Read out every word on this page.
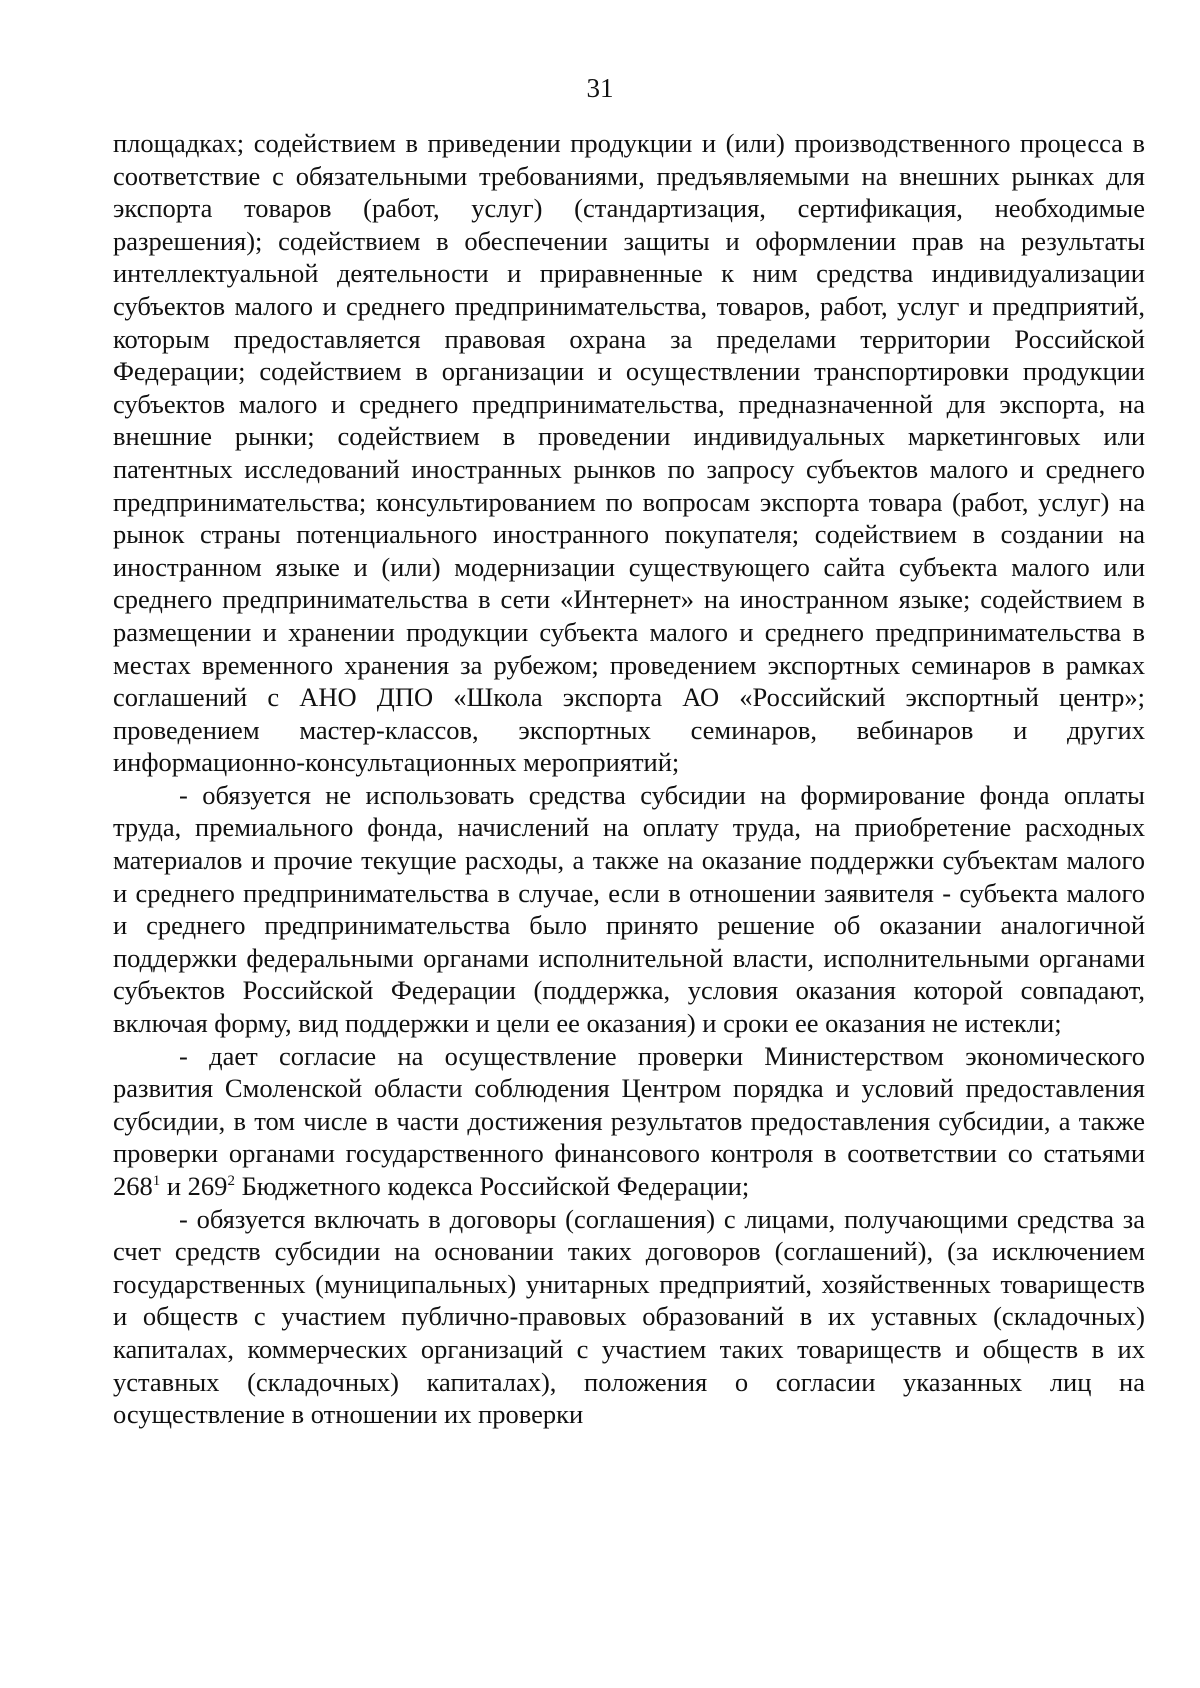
31

площадках; содействием в приведении продукции и (или) производственного процесса в соответствие с обязательными требованиями, предъявляемыми на внешних рынках для экспорта товаров (работ, услуг) (стандартизация, сертификация, необходимые разрешения); содействием в обеспечении защиты и оформлении прав на результаты интеллектуальной деятельности и приравненные к ним средства индивидуализации субъектов малого и среднего предпринимательства, товаров, работ, услуг и предприятий, которым предоставляется правовая охрана за пределами территории Российской Федерации; содействием в организации и осуществлении транспортировки продукции субъектов малого и среднего предпринимательства, предназначенной для экспорта, на внешние рынки; содействием в проведении индивидуальных маркетинговых или патентных исследований иностранных рынков по запросу субъектов малого и среднего предпринимательства; консультированием по вопросам экспорта товара (работ, услуг) на рынок страны потенциального иностранного покупателя; содействием в создании на иностранном языке и (или) модернизации существующего сайта субъекта малого или среднего предпринимательства в сети «Интернет» на иностранном языке; содействием в размещении и хранении продукции субъекта малого и среднего предпринимательства в местах временного хранения за рубежом; проведением экспортных семинаров в рамках соглашений с АНО ДПО «Школа экспорта АО «Российский экспортный центр»; проведением мастер-классов, экспортных семинаров, вебинаров и других информационно-консультационных мероприятий;

- обязуется не использовать средства субсидии на формирование фонда оплаты труда, премиального фонда, начислений на оплату труда, на приобретение расходных материалов и прочие текущие расходы, а также на оказание поддержки субъектам малого и среднего предпринимательства в случае, если в отношении заявителя - субъекта малого и среднего предпринимательства было принято решение об оказании аналогичной поддержки федеральными органами исполнительной власти, исполнительными органами субъектов Российской Федерации (поддержка, условия оказания которой совпадают, включая форму, вид поддержки и цели ее оказания) и сроки ее оказания не истекли;

- дает согласие на осуществление проверки Министерством экономического развития Смоленской области соблюдения Центром порядка и условий предоставления субсидии, в том числе в части достижения результатов предоставления субсидии, а также проверки органами государственного финансового контроля в соответствии со статьями $268^1$ и $269^2$ Бюджетного кодекса Российской Федерации;

- обязуется включать в договоры (соглашения) с лицами, получающими средства за счет средств субсидии на основании таких договоров (соглашений), (за исключением государственных (муниципальных) унитарных предприятий, хозяйственных товариществ и обществ с участием публично-правовых образований в их уставных (складочных) капиталах, коммерческих организаций с участием таких товариществ и обществ в их уставных (складочных) капиталах), положения о согласии указанных лиц на осуществление в отношении их проверки
